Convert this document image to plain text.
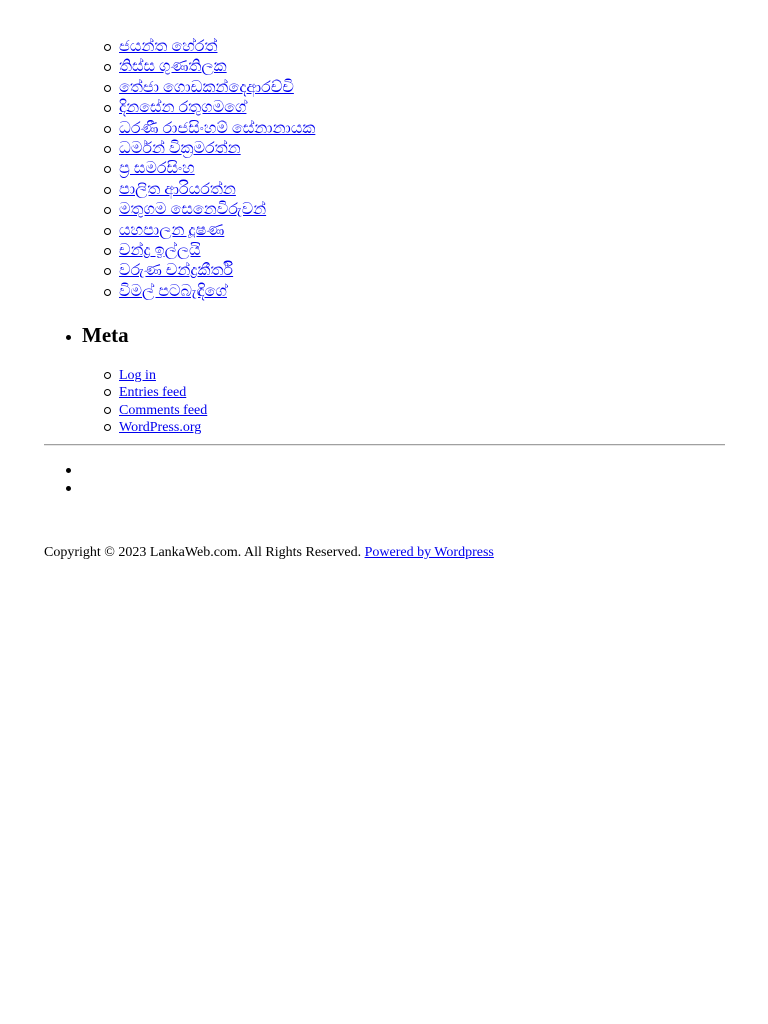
ජයන්ත හේරත්
තිස්ස ගුණතිලක
තේජා ගොඩකන්දෙආරච්චි
දිනසේන රතුගමගේ
ධරණී රාජසිංහම් සේනානායක
ධර්මන් වික්‍රමරත්න
ප්‍ර සමරසිංහ
පාලිත ආරියරත්න
මතුගම සෙනෙවිරුවන්
යහපාලන දූෂණ
චන්ද්‍ර ඉල්ලයි
වරුණ චන්ද්‍රකීර්ති
විමල් පටබැඳිගේ
Meta
Log in
Entries feed
Comments feed
WordPress.org
Copyright © 2023 LankaWeb.com. All Rights Reserved. Powered by Wordpress
